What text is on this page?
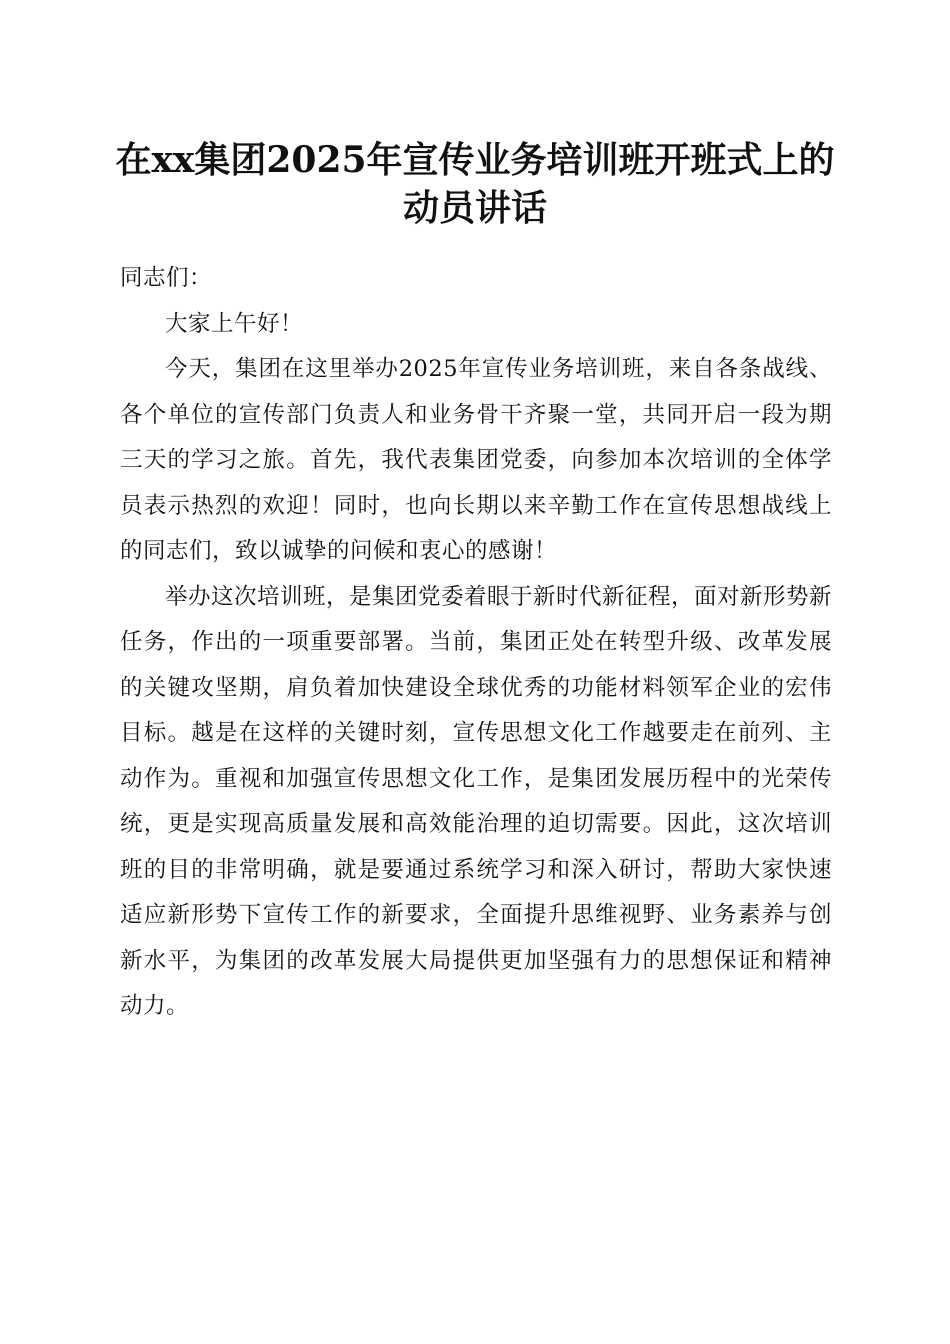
在xx集团2025年宣传业务培训班开班式上的
动员讲话

同志们：

大家上午好！

今天，集团在这里举办2025年宣传业务培训班，来自各条战线、各个单位的宣传部门负责人和业务骨干齐聚一堂，共同开启一段为期三天的学习之旅。首先，我代表集团党委，向参加本次培训的全体学员表示热烈的欢迎！同时，也向长期以来辛勤工作在宣传思想战线上的同志们，致以诚挚的问候和衷心的感谢！

举办这次培训班，是集团党委着眼于新时代新征程，面对新形势新任务，作出的一项重要部署。当前，集团正处在转型升级、改革发展的关键攻坚期，肩负着加快建设全球优秀的功能材料领军企业的宏伟目标。越是在这样的关键时刻，宣传思想文化工作越要走在前列、主动作为。重视和加强宣传思想文化工作，是集团发展历程中的光荣传统，更是实现高质量发展和高效能治理的迫切需要。因此，这次培训班的目的非常明确，就是要通过系统学习和深入研讨，帮助大家快速适应新形势下宣传工作的新要求，全面提升思维视野、业务素养与创新水平，为集团的改革发展大局提供更加坚强有力的思想保证和精神动力。
